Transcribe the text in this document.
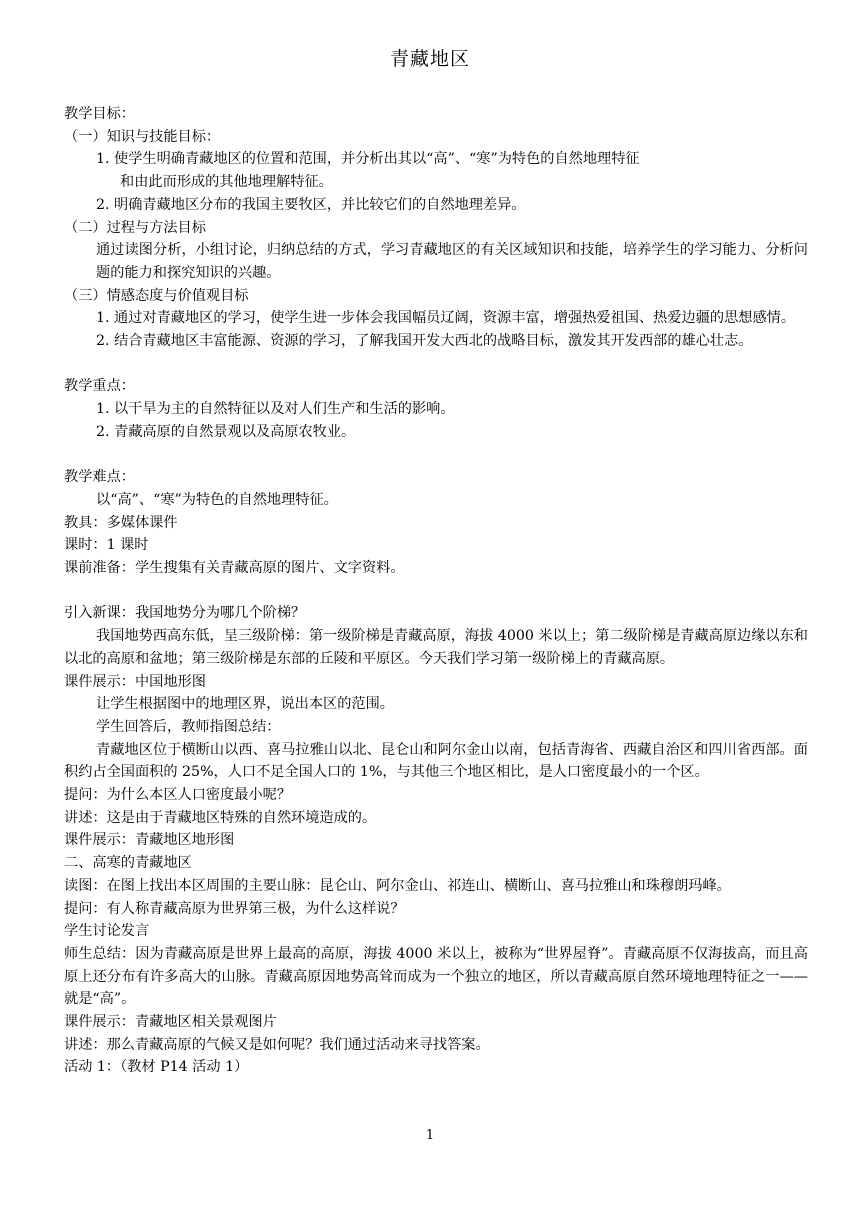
青藏地区
教学目标：
（一）知识与技能目标：
1. 使学生明确青藏地区的位置和范围，并分析出其以“高”、“寒”为特色的自然地理特征
和由此而形成的其他地理解特征。
2. 明确青藏地区分布的我国主要牧区，并比较它们的自然地理差异。
（二）过程与方法目标
通过读图分析，小组讨论，归纳总结的方式，学习青藏地区的有关区域知识和技能，培养学生的学习能力、分析问题的能力和探究知识的兴趣。
（三）情感态度与价值观目标
1. 通过对青藏地区的学习，使学生进一步体会我国幅员辽阔，资源丰富，增强热爱祖国、热爱边疆的思想感情。
2. 结合青藏地区丰富能源、资源的学习，了解我国开发大西北的战略目标，激发其开发西部的雄心壮志。
教学重点：
1. 以干旱为主的自然特征以及对人们生产和生活的影响。
2. 青藏高原的自然景观以及高原农牧业。
教学难点：
以“高”、“寒”为特色的自然地理特征。
教具：多媒体课件
课时：1 课时
课前准备：学生搜集有关青藏高原的图片、文字资料。
引入新课：我国地势分为哪几个阶梯？
我国地势西高东低，呈三级阶梯：第一级阶梯是青藏高原，海拔 4000 米以上；第二级阶梯是青藏高原边缘以东和以北的高原和盆地；第三级阶梯是东部的丘陵和平原区。今天我们学习第一级阶梯上的青藏高原。
课件展示：中国地形图
让学生根据图中的地理区界，说出本区的范围。
学生回答后，教师指图总结：
青藏地区位于横断山以西、喜马拉雅山以北、昆仑山和阿尔金山以南，包括青海省、西藏自治区和四川省西部。面积约占全国面积的 25%，人口不足全国人口的 1%，与其他三个地区相比，是人口密度最小的一个区。
提问：为什么本区人口密度最小呢？
讲述：这是由于青藏地区特殊的自然环境造成的。
课件展示：青藏地区地形图
二、高寒的青藏地区
读图：在图上找出本区周围的主要山脉：昆仑山、阿尔金山、祁连山、横断山、喜马拉雅山和珠穆朗玛峰。
提问：有人称青藏高原为世界第三极，为什么这样说？
学生讨论发言
师生总结：因为青藏高原是世界上最高的高原，海拔 4000 米以上，被称为“世界屋脊”。青藏高原不仅海拔高，而且高原上还分布有许多高大的山脉。青藏高原因地势高耸而成为一个独立的地区，所以青藏高原自然环境地理特征之一——就是“高”。
课件展示：青藏地区相关景观图片
讲述：那么青藏高原的气候又是如何呢？我们通过活动来寻找答案。
活动 1：（教材 P14 活动 1）
1
